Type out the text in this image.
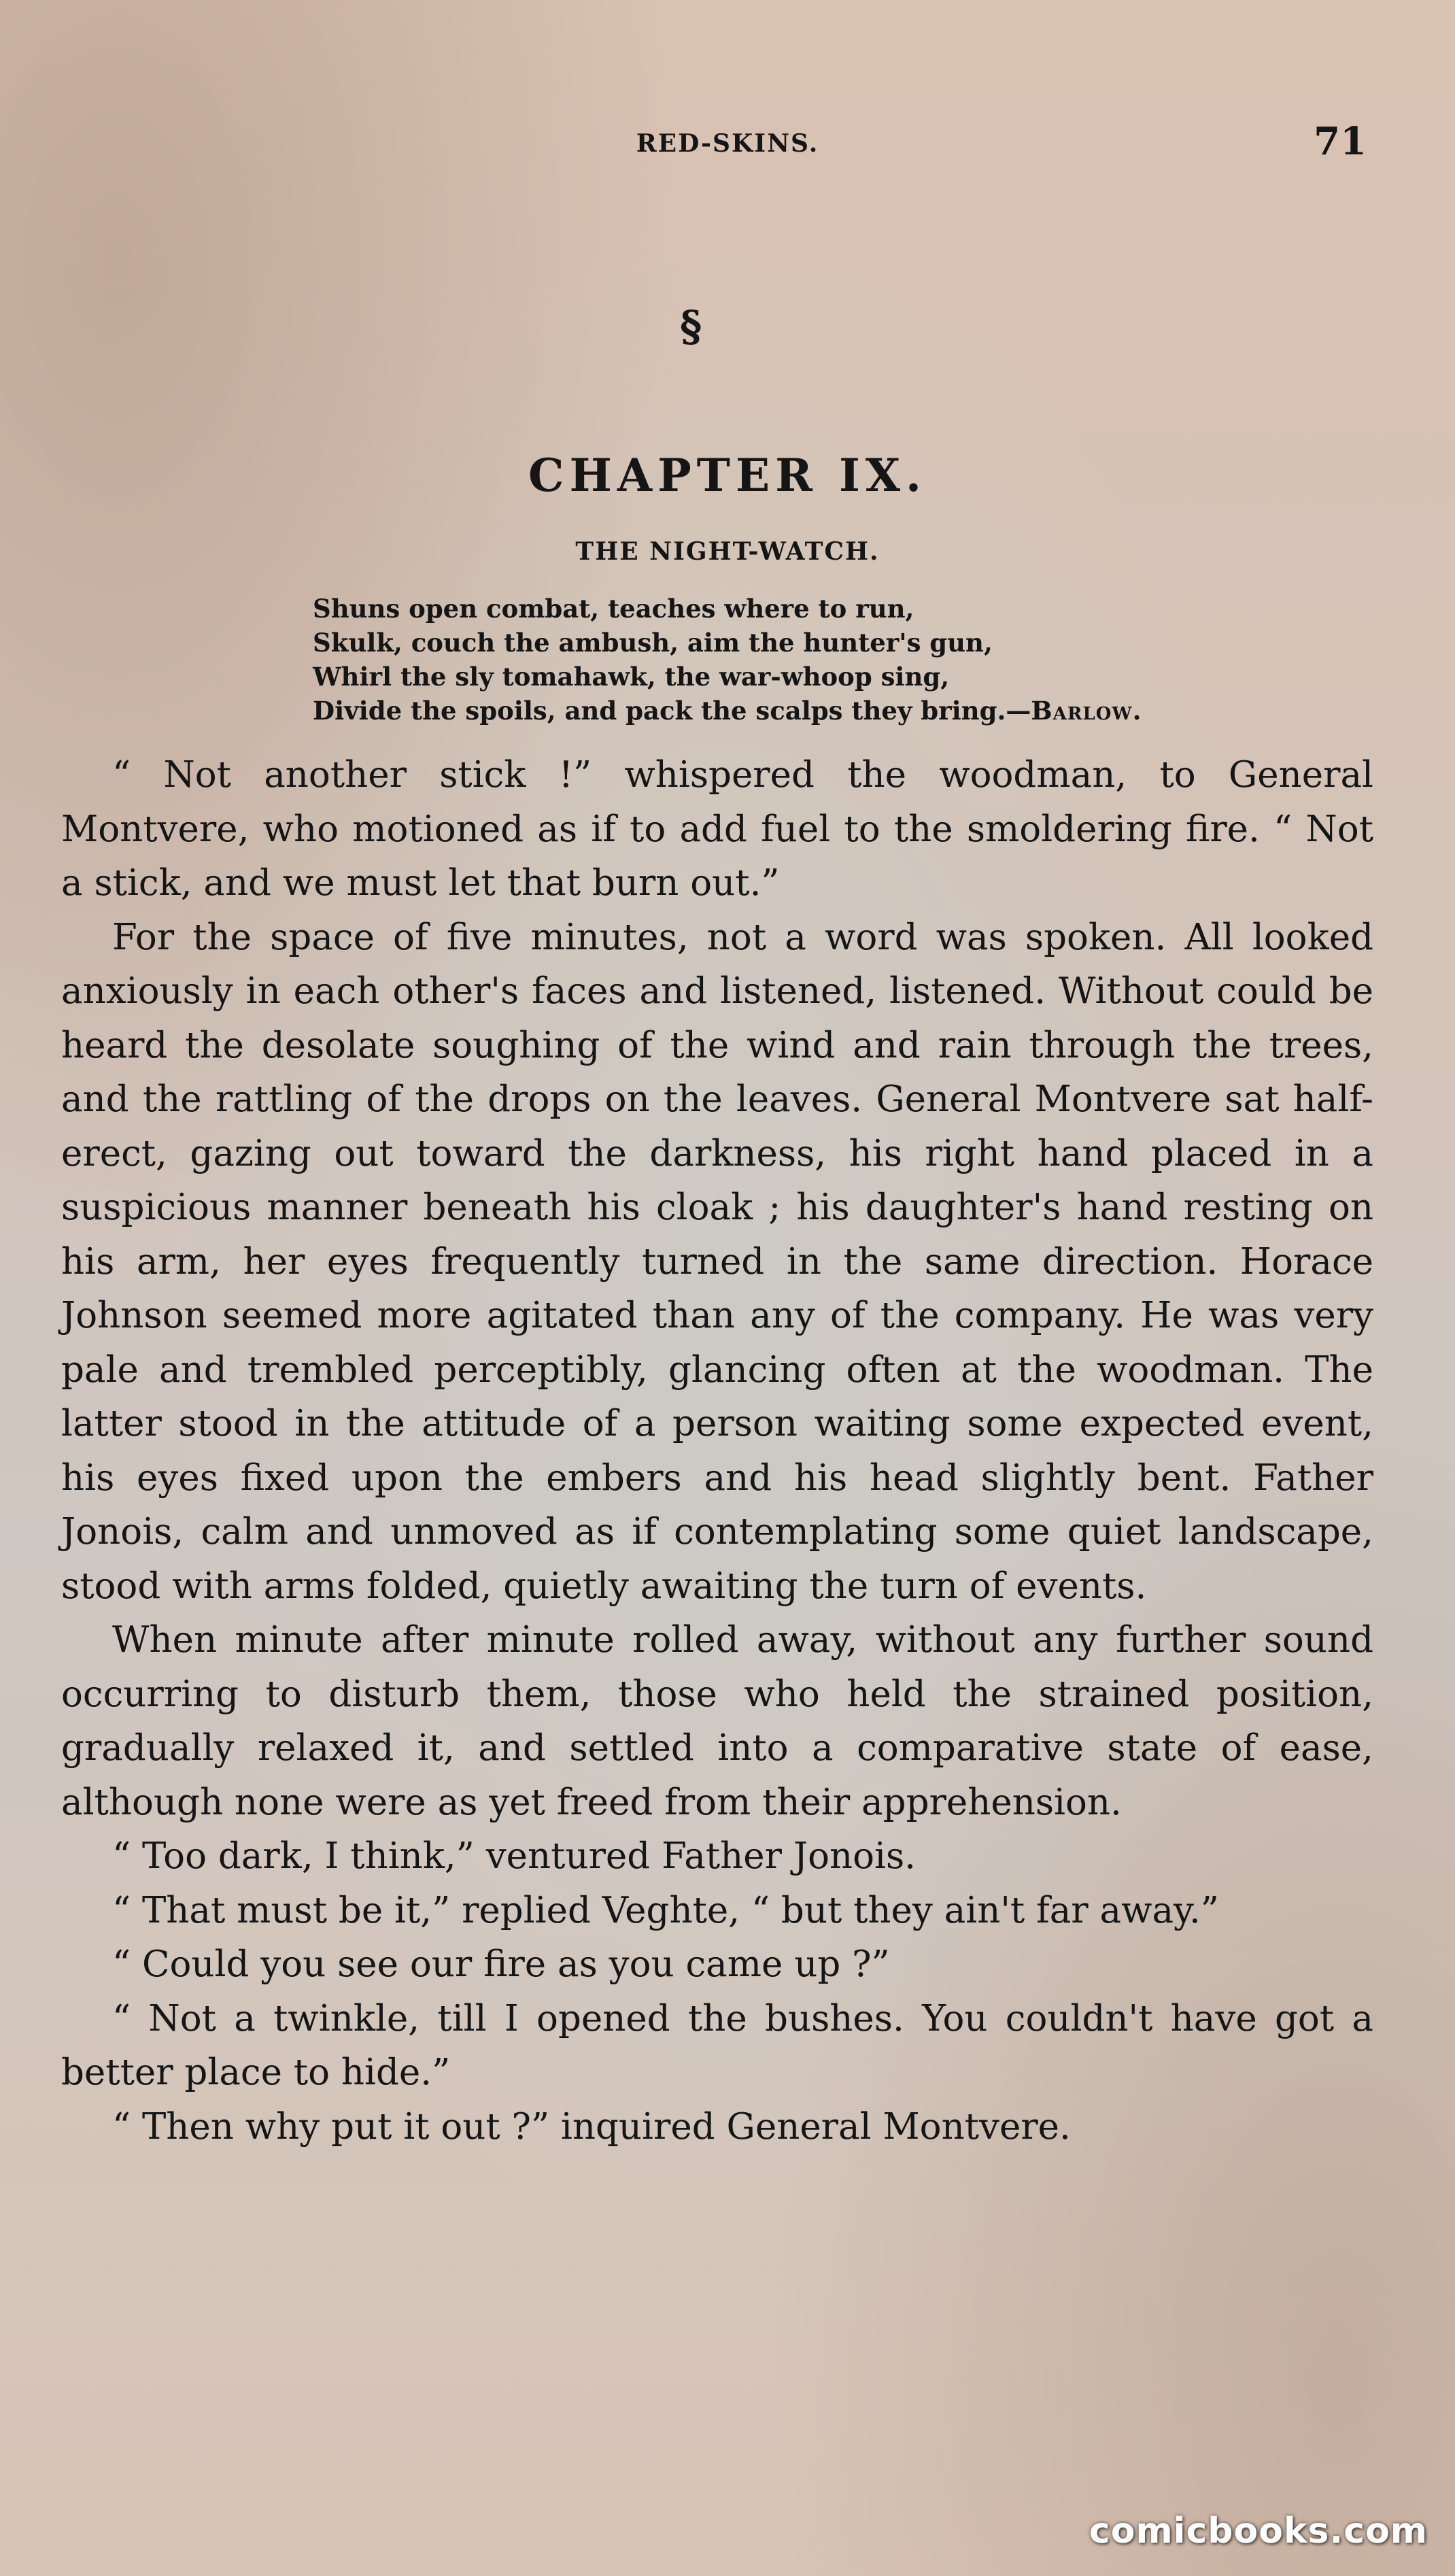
RED-SKINS.	71
§
CHAPTER IX.
THE NIGHT-WATCH.
Shuns open combat, teaches where to run,
Skulk, couch the ambush, aim the hunter's gun,
Whirl the sly tomahawk, the war-whoop sing,
Divide the spoils, and pack the scalps they bring.—Barlow.

“ Not another stick !” whispered the woodman, to General Montvere, who motioned as if to add fuel to the smoldering fire. “ Not a stick, and we must let that burn out.”

For the space of five minutes, not a word was spoken. All looked anxiously in each other's faces and listened, listened. Without could be heard the desolate soughing of the wind and rain through the trees, and the rattling of the drops on the leaves. General Montvere sat half-erect, gazing out toward the darkness, his right hand placed in a suspicious manner beneath his cloak ; his daughter's hand resting on his arm, her eyes frequently turned in the same direction. Horace Johnson seemed more agitated than any of the company. He was very pale and trembled perceptibly, glancing often at the woodman. The latter stood in the attitude of a person waiting some expected event, his eyes fixed upon the embers and his head slightly bent. Father Jonois, calm and unmoved as if contemplating some quiet landscape, stood with arms folded, quietly awaiting the turn of events.

When minute after minute rolled away, without any further sound occurring to disturb them, those who held the strained position, gradually relaxed it, and settled into a comparative state of ease, although none were as yet freed from their apprehension.

“ Too dark, I think,” ventured Father Jonois.

“ That must be it,” replied Veghte, “ but they ain't far away.”

“ Could you see our fire as you came up ?”

“ Not a twinkle, till I opened the bushes. You couldn't have got a better place to hide.”

“ Then why put it out ?” inquired General Montvere.

comicbooks.com
